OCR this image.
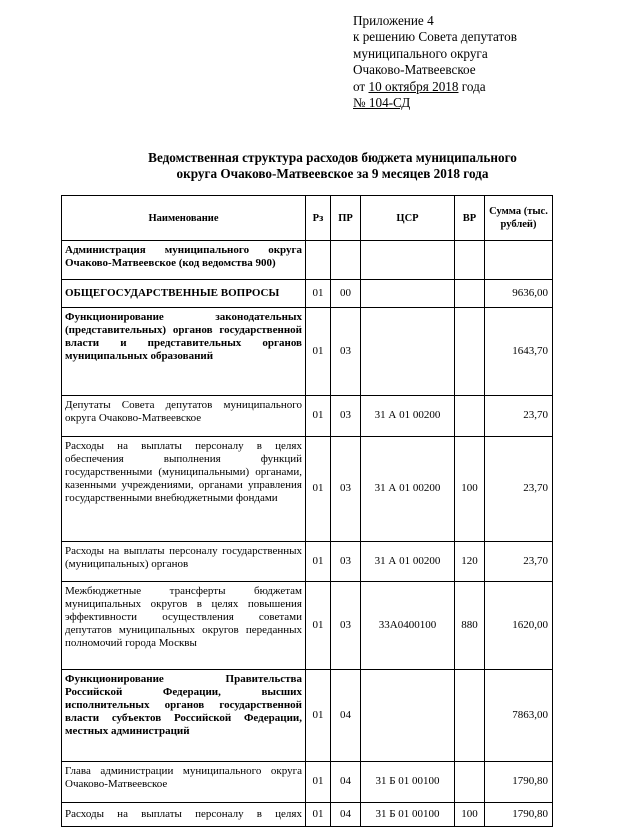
Приложение 4
к решению Совета депутатов
муниципального округа
Очаково-Матвеевское
от 10 октября 2018 года
№ 104-СД
Ведомственная структура расходов бюджета муниципального
округа Очаково-Матвеевское за 9 месяцев 2018 года
Наименование	Рз	ПР	ЦСР	ВР	Сумма (тыс. рублей)
Администрация муниципального округа Очаково-Матвеевское (код ведомства 900)					
ОБЩЕГОСУДАРСТВЕННЫЕ ВОПРОСЫ	01	00			9636,00
Функционирование законодательных (представительных) органов государственной власти и представительных органов муниципальных образований	01	03			1643,70
Депутаты Совета депутатов муниципального округа Очаково-Матвеевское	01	03	31 А 01 00200		23,70
Расходы на выплаты персоналу в целях обеспечения выполнения функций государственными (муниципальными) органами, казенными учреждениями, органами управления государственными внебюджетными фондами	01	03	31 А 01 00200	100	23,70
Расходы на выплаты персоналу государственных (муниципальных) органов	01	03	31 А 01 00200	120	23,70
Межбюджетные трансферты бюджетам муниципальных округов в целях повышения эффективности осуществления советами депутатов муниципальных округов переданных полномочий города Москвы	01	03	33А0400100	880	1620,00
Функционирование Правительства Российской Федерации, высших исполнительных органов государственной власти субъектов Российской Федерации, местных администраций	01	04			7863,00
Глава администрации муниципального округа Очаково-Матвеевское	01	04	31 Б 01 00100		1790,80
Расходы на выплаты персоналу в целях	01	04	31 Б 01 00100	100	1790,80
